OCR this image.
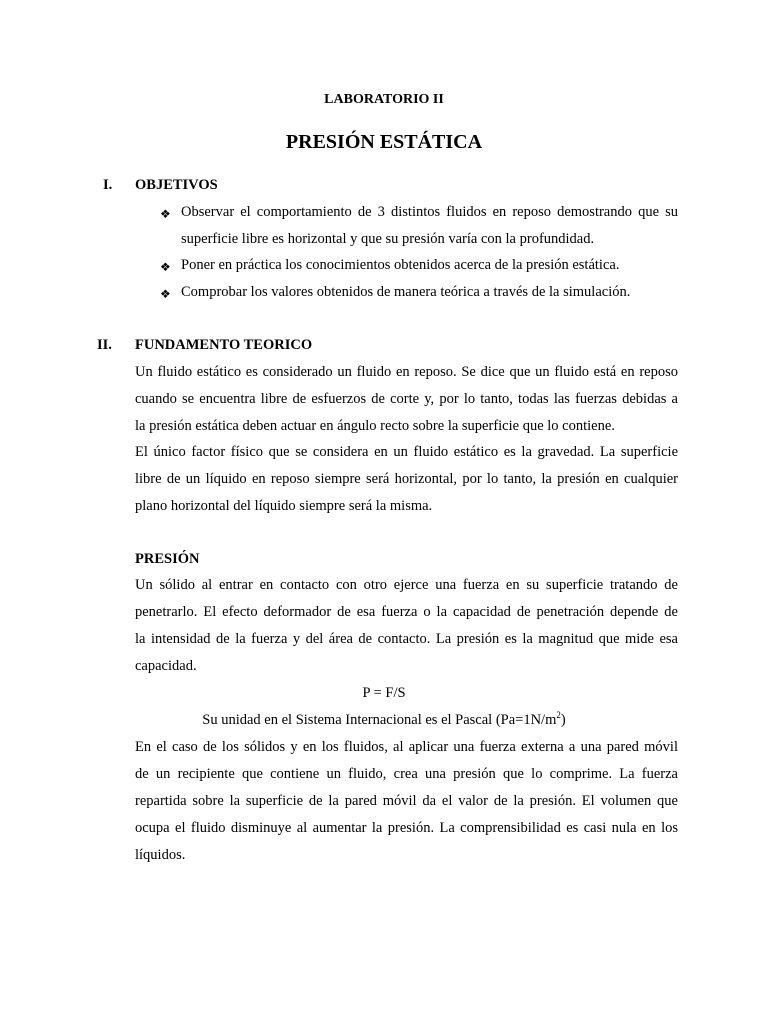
LABORATORIO II
PRESIÓN ESTÁTICA
I. OBJETIVOS
❖ Observar el comportamiento de 3 distintos fluidos en reposo demostrando que su
superficie libre es horizontal y que su presión varía con la profundidad.
❖ Poner en práctica los conocimientos obtenidos acerca de la presión estática.
❖ Comprobar los valores obtenidos de manera teórica a través de la simulación.
II. FUNDAMENTO TEORICO
Un fluido estático es considerado un fluido en reposo. Se dice que un fluido está en reposo
cuando se encuentra libre de esfuerzos de corte y, por lo tanto, todas las fuerzas debidas a
la presión estática deben actuar en ángulo recto sobre la superficie que lo contiene.
El único factor físico que se considera en un fluido estático es la gravedad. La superficie
libre de un líquido en reposo siempre será horizontal, por lo tanto, la presión en cualquier
plano horizontal del líquido siempre será la misma.
PRESIÓN
Un sólido al entrar en contacto con otro ejerce una fuerza en su superficie tratando de
penetrarlo. El efecto deformador de esa fuerza o la capacidad de penetración depende de
la intensidad de la fuerza y del área de contacto. La presión es la magnitud que mide esa
capacidad.
P = F/S
Su unidad en el Sistema Internacional es el Pascal $(Pa=1N/m^2)$
En el caso de los sólidos y en los fluidos, al aplicar una fuerza externa a una pared móvil
de un recipiente que contiene un fluido, crea una presión que lo comprime. La fuerza
repartida sobre la superficie de la pared móvil da el valor de la presión. El volumen que
ocupa el fluido disminuye al aumentar la presión. La comprensibilidad es casi nula en los
líquidos.
